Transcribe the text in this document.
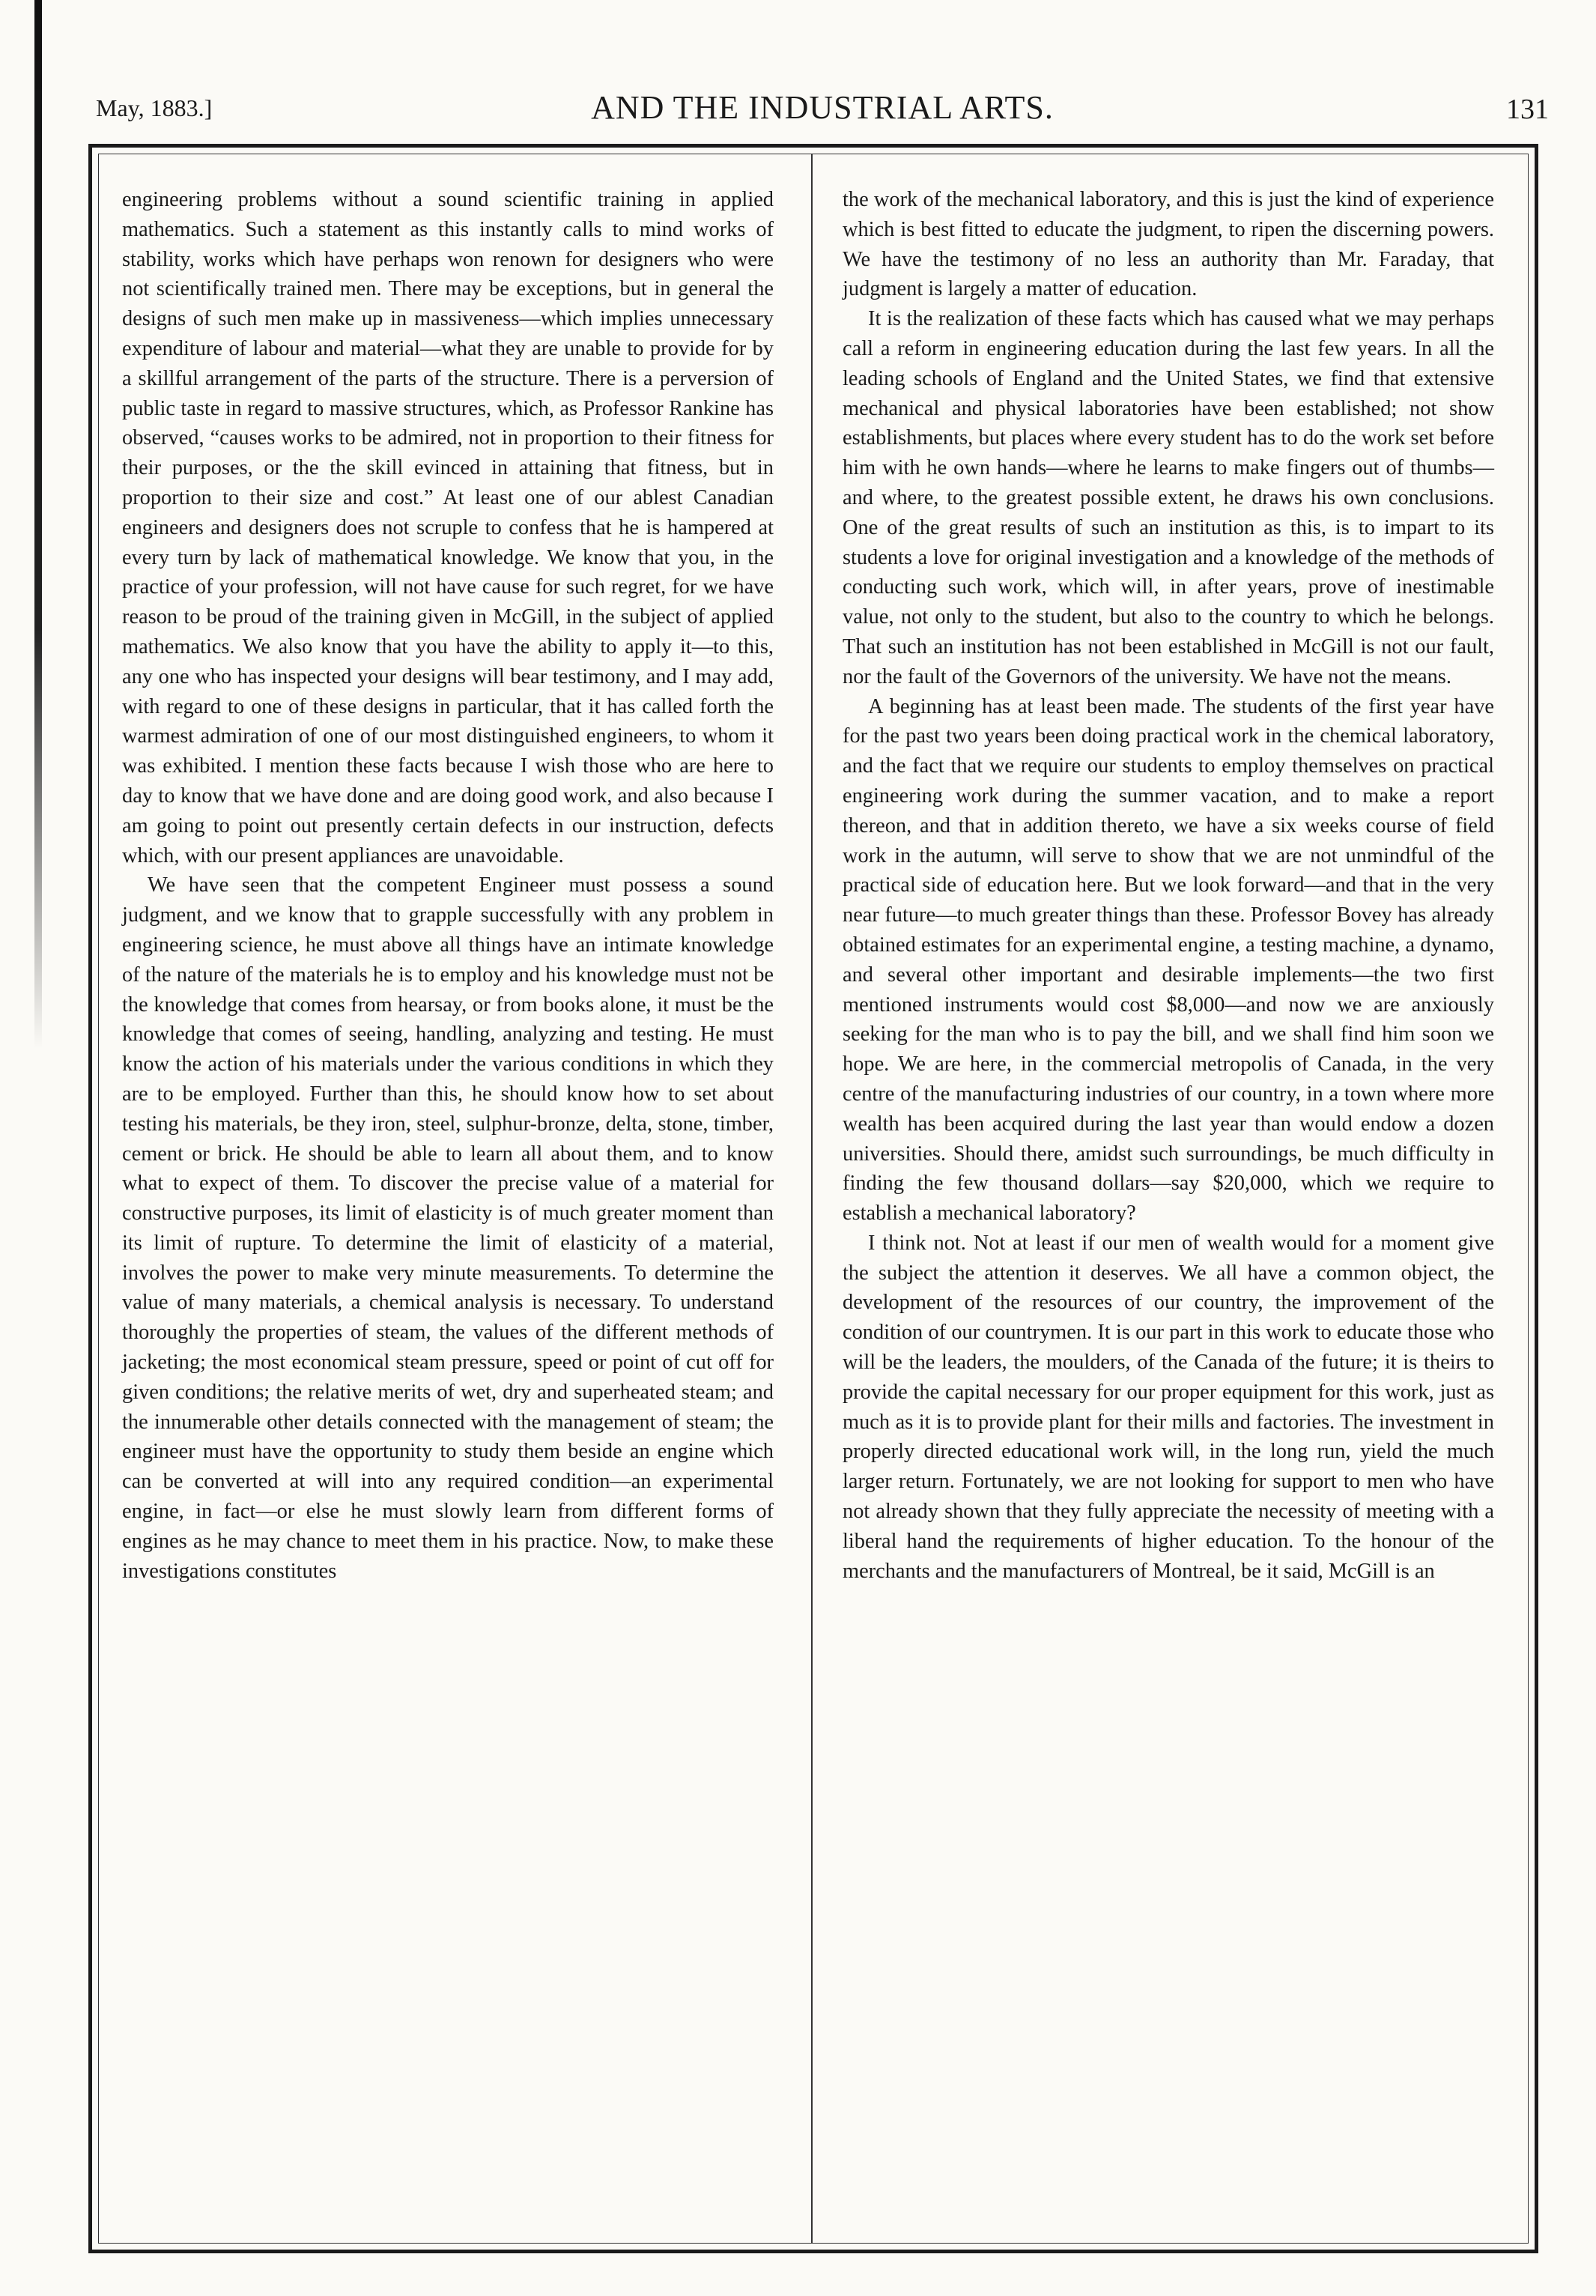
May, 1883.]	AND THE INDUSTRIAL ARTS.	131

engineering problems without a sound scientific training in applied mathematics. Such a statement as this instantly calls to mind works of stability, works which have perhaps won renown for designers who were not scientifically trained men. There may be exceptions, but in general the designs of such men make up in massiveness—which implies unnecessary expenditure of labour and material—what they are unable to provide for by a skillful arrangement of the parts of the structure. There is a perversion of public taste in regard to massive structures, which, as Professor Rankine has observed, “causes works to be admired, not in proportion to their fitness for their purposes, or the the skill evinced in attaining that fitness, but in proportion to their size and cost.” At least one of our ablest Canadian engineers and designers does not scruple to confess that he is hampered at every turn by lack of mathematical knowledge. We know that you, in the practice of your profession, will not have cause for such regret, for we have reason to be proud of the training given in McGill, in the subject of applied mathematics. We also know that you have the ability to apply it—to this, any one who has inspected your designs will bear testimony, and I may add, with regard to one of these designs in particular, that it has called forth the warmest admiration of one of our most distinguished engineers, to whom it was exhibited. I mention these facts because I wish those who are here to day to know that we have done and are doing good work, and also because I am going to point out presently certain defects in our instruction, defects which, with our present appliances are unavoidable.

We have seen that the competent Engineer must possess a sound judgment, and we know that to grapple successfully with any problem in engineering science, he must above all things have an intimate knowledge of the nature of the materials he is to employ and his knowledge must not be the knowledge that comes from hearsay, or from books alone, it must be the knowledge that comes of seeing, handling, analyzing and testing. He must know the action of his materials under the various conditions in which they are to be employed. Further than this, he should know how to set about testing his materials, be they iron, steel, sulphur-bronze, delta, stone, timber, cement or brick. He should be able to learn all about them, and to know what to expect of them. To discover the precise value of a material for constructive purposes, its limit of elasticity is of much greater moment than its limit of rupture. To determine the limit of elasticity of a material, involves the power to make very minute measurements. To determine the value of many materials, a chemical analysis is necessary. To understand thoroughly the properties of steam, the values of the different methods of jacketing; the most economical steam pressure, speed or point of cut off for given conditions; the relative merits of wet, dry and superheated steam; and the innumerable other details connected with the management of steam; the engineer must have the opportunity to study them beside an engine which can be converted at will into any required condition—an experimental engine, in fact—or else he must slowly learn from different forms of engines as he may chance to meet them in his practice. Now, to make these investigations constitutes

the work of the mechanical laboratory, and this is just the kind of experience which is best fitted to educate the judgment, to ripen the discerning powers. We have the testimony of no less an authority than Mr. Faraday, that judgment is largely a matter of education.

It is the realization of these facts which has caused what we may perhaps call a reform in engineering education during the last few years. In all the leading schools of England and the United States, we find that extensive mechanical and physical laboratories have been established; not show establishments, but places where every student has to do the work set before him with he own hands—where he learns to make fingers out of thumbs—and where, to the greatest possible extent, he draws his own conclusions. One of the great results of such an institution as this, is to impart to its students a love for original investigation and a knowledge of the methods of conducting such work, which will, in after years, prove of inestimable value, not only to the student, but also to the country to which he belongs. That such an institution has not been established in McGill is not our fault, nor the fault of the Governors of the university. We have not the means.

A beginning has at least been made. The students of the first year have for the past two years been doing practical work in the chemical laboratory, and the fact that we require our students to employ themselves on practical engineering work during the summer vacation, and to make a report thereon, and that in addition thereto, we have a six weeks course of field work in the autumn, will serve to show that we are not unmindful of the practical side of education here. But we look forward—and that in the very near future—to much greater things than these. Professor Bovey has already obtained estimates for an experimental engine, a testing machine, a dynamo, and several other important and desirable implements—the two first mentioned instruments would cost $8,000—and now we are anxiously seeking for the man who is to pay the bill, and we shall find him soon we hope. We are here, in the commercial metropolis of Canada, in the very centre of the manufacturing industries of our country, in a town where more wealth has been acquired during the last year than would endow a dozen universities. Should there, amidst such surroundings, be much difficulty in finding the few thousand dollars—say $20,000, which we require to establish a mechanical laboratory?

I think not. Not at least if our men of wealth would for a moment give the subject the attention it deserves. We all have a common object, the development of the resources of our country, the improvement of the condition of our countrymen. It is our part in this work to educate those who will be the leaders, the moulders, of the Canada of the future; it is theirs to provide the capital necessary for our proper equipment for this work, just as much as it is to provide plant for their mills and factories. The investment in properly directed educational work will, in the long run, yield the much larger return. Fortunately, we are not looking for support to men who have not already shown that they fully appreciate the necessity of meeting with a liberal hand the requirements of higher education. To the honour of the merchants and the manufacturers of Montreal, be it said, McGill is an
